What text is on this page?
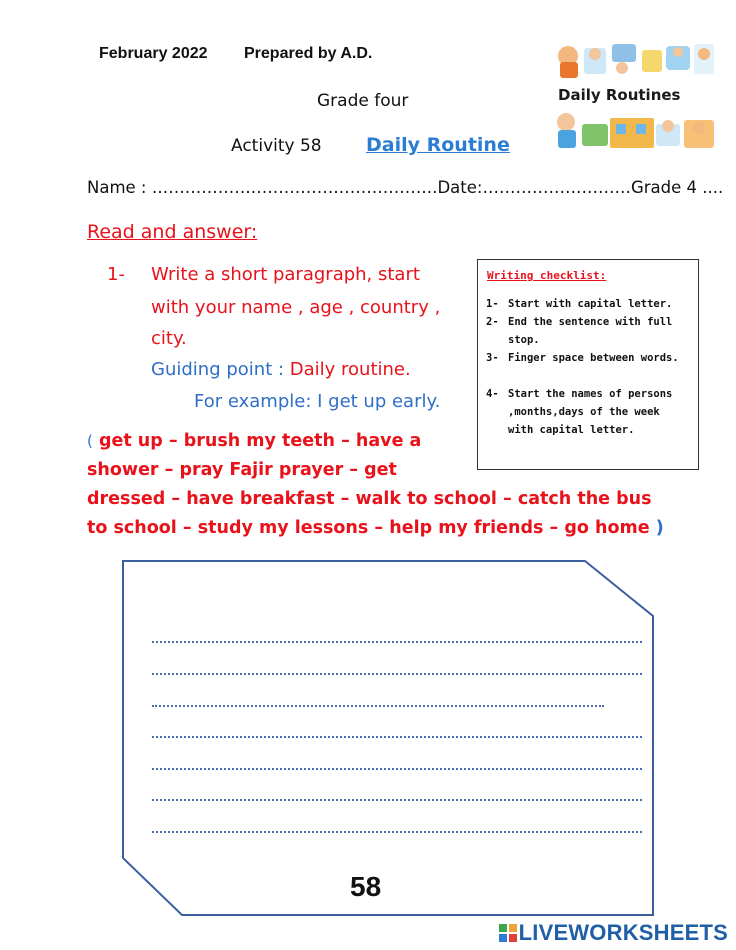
February 2022 Prepared by A.D.
Grade four
Activity 58 Daily Routine
Daily Routines
Name : …………………………………………….Date:………………………Grade 4 ....
Read and answer:
1- Write a short paragraph, start
with your name , age , country ,
city.
Guiding point : Daily routine.
For example: I get up early.
( get up – brush my teeth – have a
shower – pray Fajir prayer – get
dressed – have breakfast – walk to school – catch the bus
to school – study my lessons – help my friends – go home )
Writing checklist:
1- Start with capital letter.
2- End the sentence with full stop.
3- Finger space between words.
4- Start the names of persons ,months,days of the week with capital letter.
58
LIVEWORKSHEETS
